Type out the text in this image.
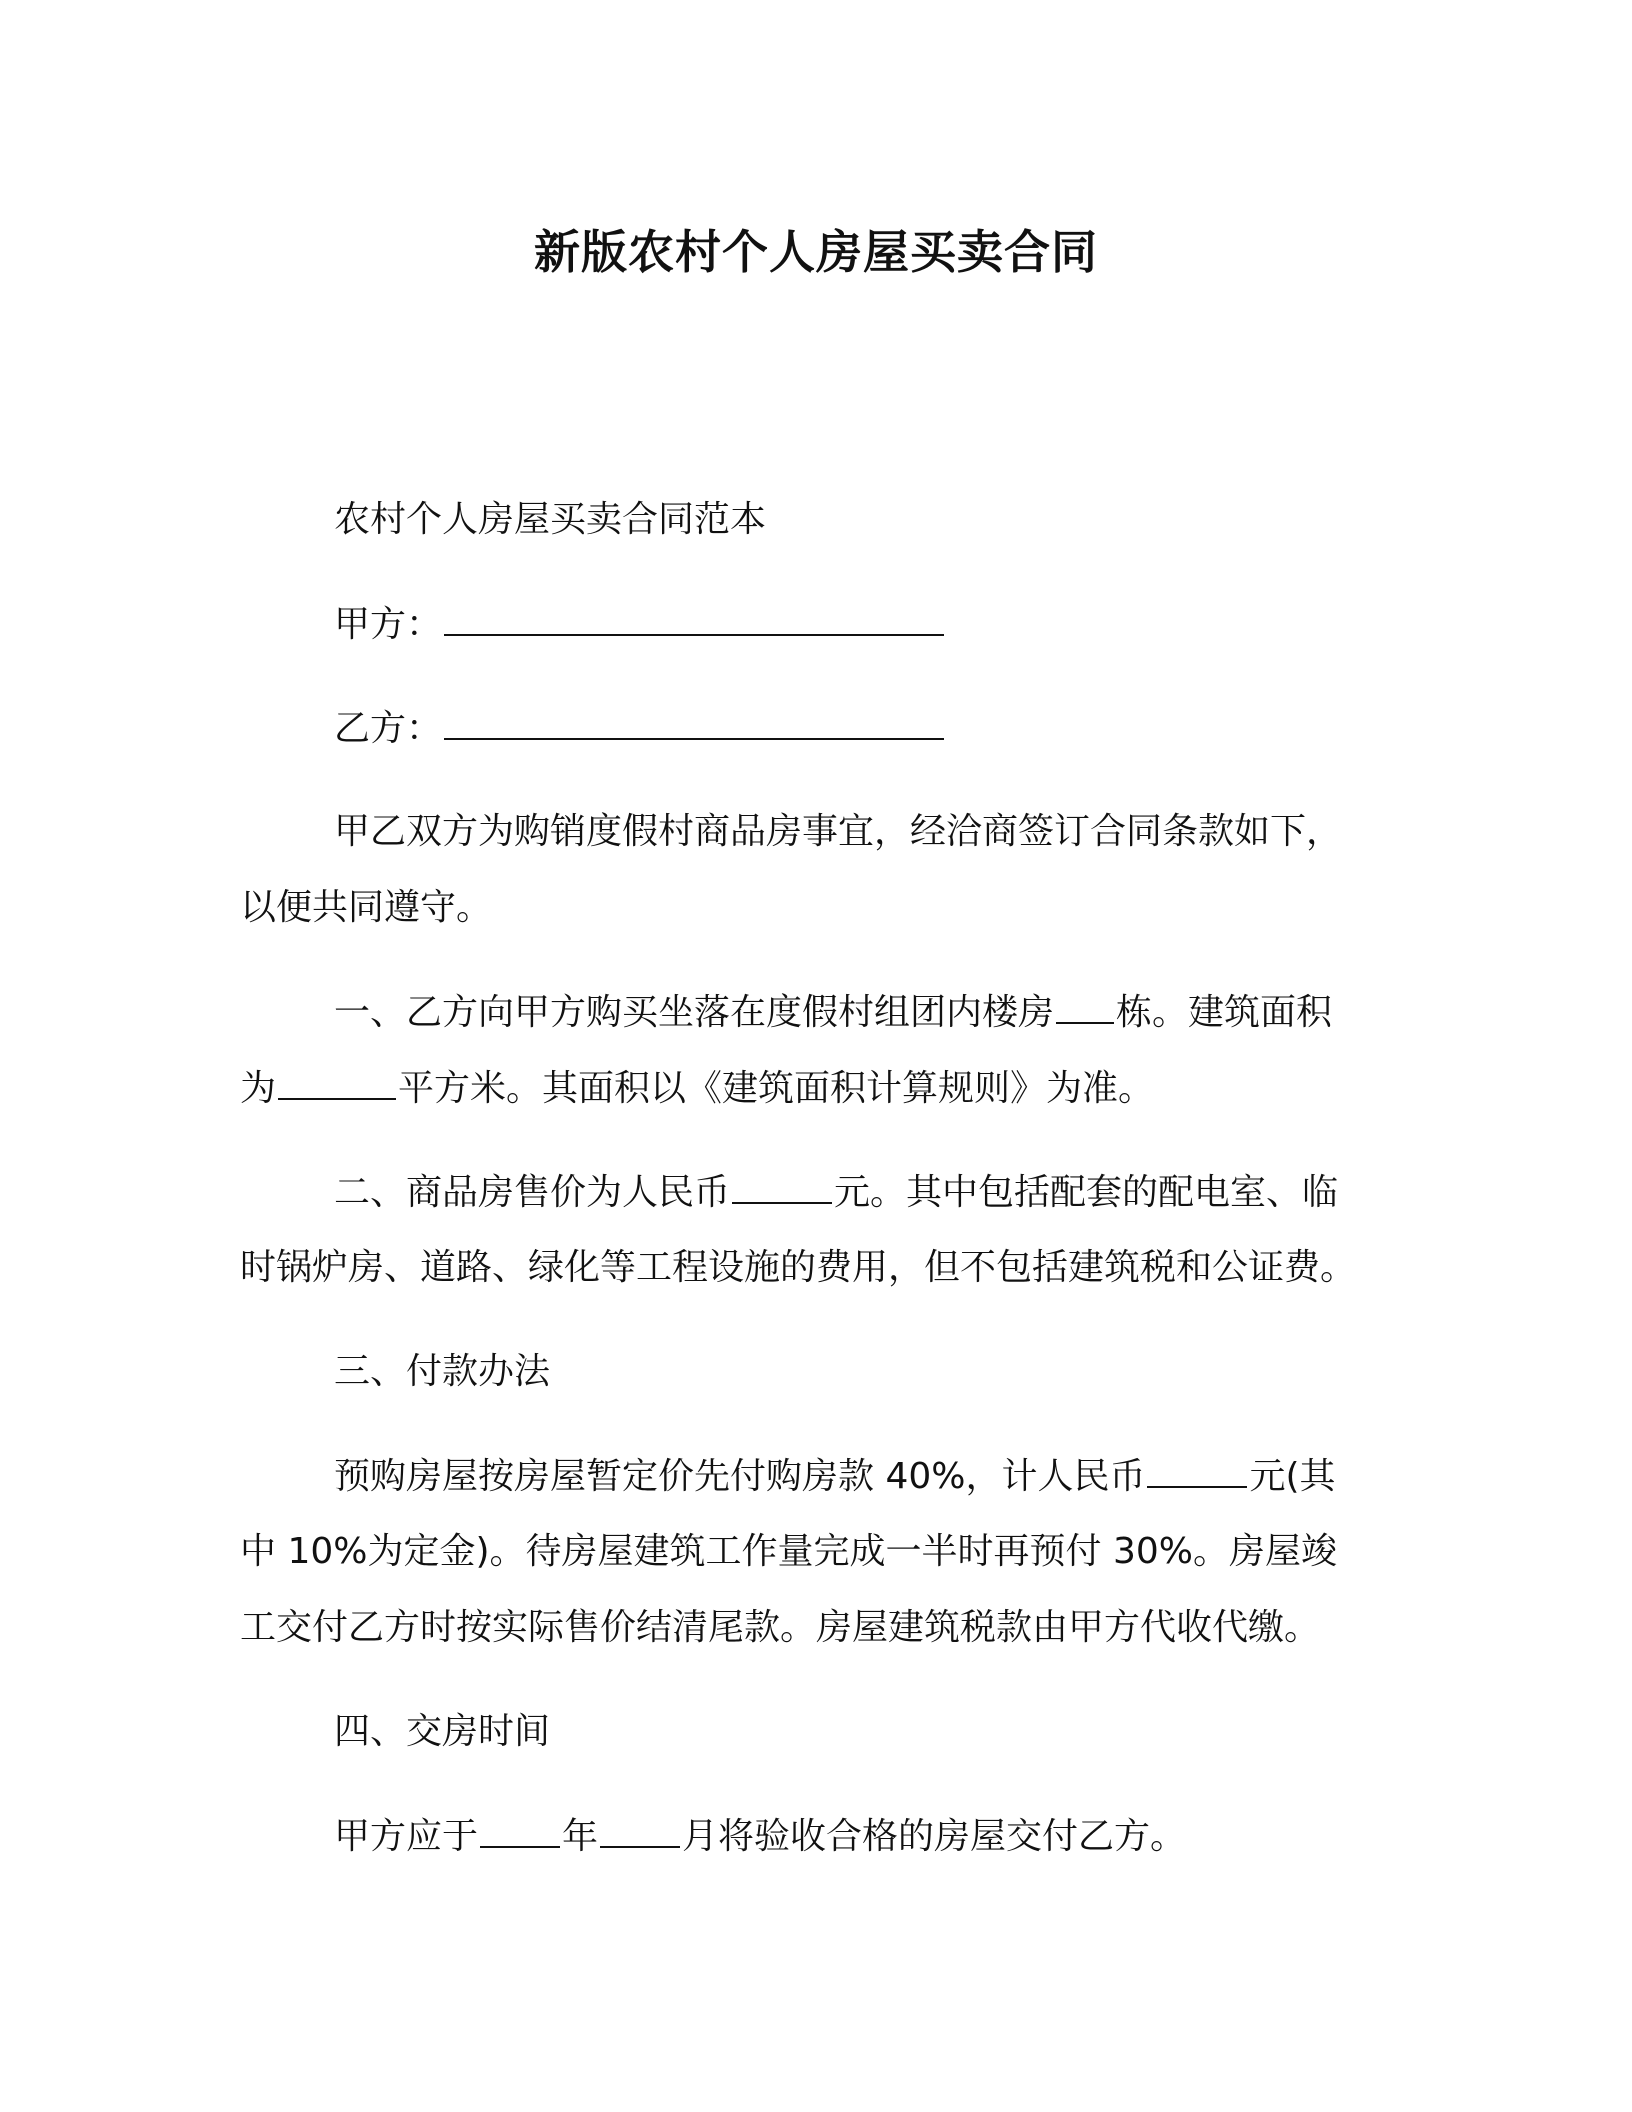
新版农村个人房屋买卖合同
农村个人房屋买卖合同范本
甲方：
乙方：
甲乙双方为购销度假村商品房事宜，经洽商签订合同条款如下，
以便共同遵守。
一、乙方向甲方购买坐落在度假村组团内楼房 栋。建筑面积
为	平方米。其面积以《建筑面积计算规则》为准。
二、商品房售价为人民币	元。其中包括配套的配电室、临
时锅炉房、道路、绿化等工程设施的费用，但不包括建筑税和公证费。
三、付款办法
预购房屋按房屋暂定价先付购房款 40%，计人民币	元(其
中 10%为定金)。待房屋建筑工作量完成一半时再预付 30%。房屋竣
工交付乙方时按实际售价结清尾款。房屋建筑税款由甲方代收代缴。
四、交房时间
甲方应于 年 月将验收合格的房屋交付乙方。
